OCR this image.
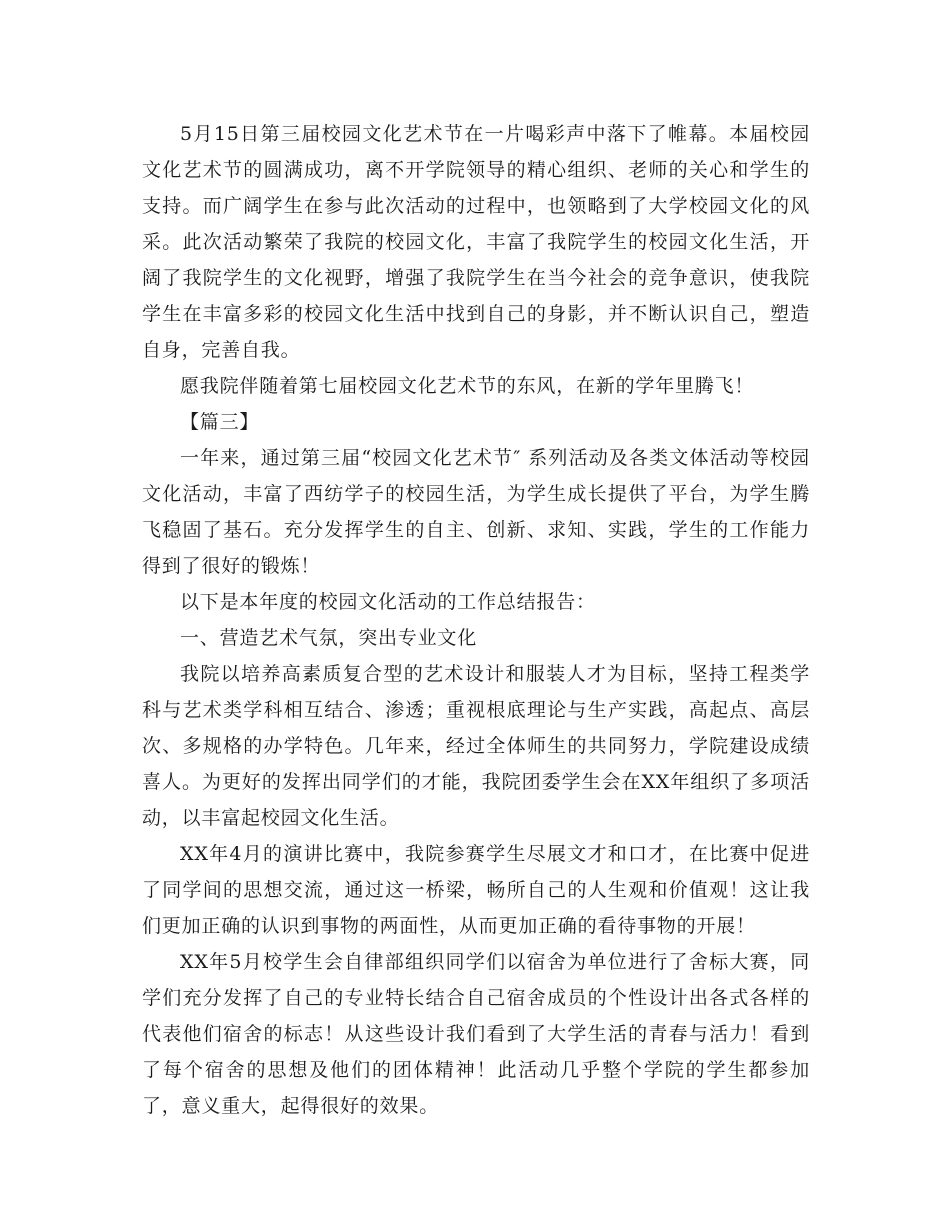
5月15日第三届校园文化艺术节在一片喝彩声中落下了帷幕。本届校园文化艺术节的圆满成功，离不开学院领导的精心组织、老师的关心和学生的支持。而广阔学生在参与此次活动的过程中，也领略到了大学校园文化的风采。此次活动繁荣了我院的校园文化，丰富了我院学生的校园文化生活，开阔了我院学生的文化视野，增强了我院学生在当今社会的竞争意识，使我院学生在丰富多彩的校园文化生活中找到自己的身影，并不断认识自己，塑造自身，完善自我。

愿我院伴随着第七届校园文化艺术节的东风，在新的学年里腾飞！

【篇三】

一年来，通过第三届“校园文化艺术节″ 系列活动及各类文体活动等校园文化活动，丰富了西纺学子的校园生活，为学生成长提供了平台，为学生腾飞稳固了基石。充分发挥学生的自主、创新、求知、实践，学生的工作能力得到了很好的锻炼！

以下是本年度的校园文化活动的工作总结报告：

一、营造艺术气氛，突出专业文化

我院以培养高素质复合型的艺术设计和服装人才为目标，坚持工程类学科与艺术类学科相互结合、渗透；重视根底理论与生产实践，高起点、高层次、多规格的办学特色。几年来，经过全体师生的共同努力，学院建设成绩喜人。为更好的发挥出同学们的才能，我院团委学生会在XX年组织了多项活动，以丰富起校园文化生活。

XX年4月的演讲比赛中，我院参赛学生尽展文才和口才，在比赛中促进了同学间的思想交流，通过这一桥梁，畅所自己的人生观和价值观！这让我们更加正确的认识到事物的两面性，从而更加正确的看待事物的开展！

XX年5月校学生会自律部组织同学们以宿舍为单位进行了舍标大赛，同学们充分发挥了自己的专业特长结合自己宿舍成员的个性设计出各式各样的代表他们宿舍的标志！从这些设计我们看到了大学生活的青春与活力！看到了每个宿舍的思想及他们的团体精神！此活动几乎整个学院的学生都参加了，意义重大，起得很好的效果。
